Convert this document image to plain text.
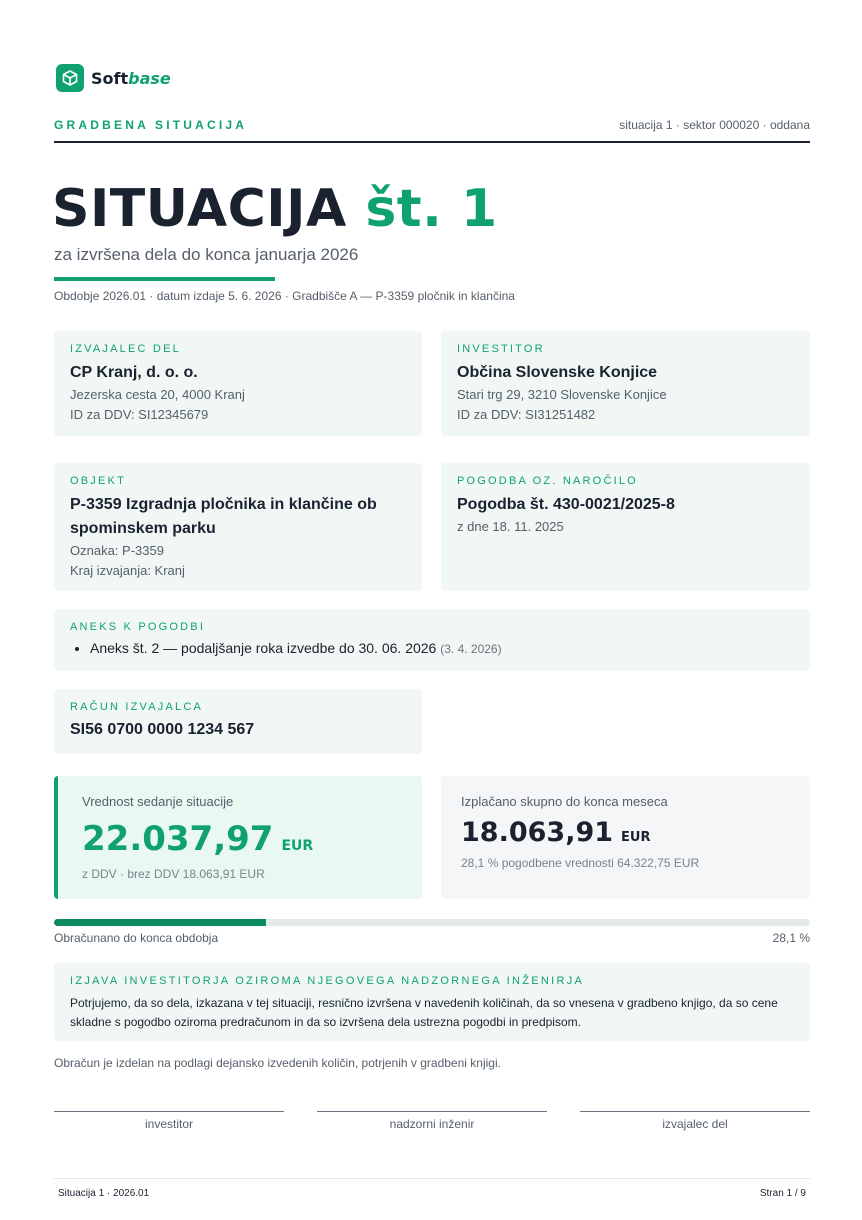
Softbase
GRADBENA SITUACIJA	situacija 1 · sektor 000020 · oddana
SITUACIJA št. 1
za izvršena dela do konca januarja 2026
Obdobje 2026.01 · datum izdaje 5. 6. 2026 · Gradbišče A — P-3359 pločnik in klančina
IZVAJALEC DEL
CP Kranj, d. o. o.
Jezerska cesta 20, 4000 Kranj
ID za DDV: SI12345679
INVESTITOR
Občina Slovenske Konjice
Stari trg 29, 3210 Slovenske Konjice
ID za DDV: SI31251482
OBJEKT
P-3359 Izgradnja pločnika in klančine ob spominskem parku
Oznaka: P-3359
Kraj izvajanja: Kranj
POGODBA OZ. NAROČILO
Pogodba št. 430-0021/2025-8
z dne 18. 11. 2025
ANEKS K POGODBI
• Aneks št. 2 — podaljšanje roka izvedbe do 30. 06. 2026 (3. 4. 2026)
RAČUN IZVAJALCA
SI56 0700 0000 1234 567
Vrednost sedanje situacije
22.037,97 EUR
z DDV · brez DDV 18.063,91 EUR
Izplačano skupno do konca meseca
18.063,91 EUR
28,1 % pogodbene vrednosti 64.322,75 EUR
Obračunano do konca obdobja	28,1 %
IZJAVA INVESTITORJA OZIROMA NJEGOVEGA NADZORNEGA INŽENIRJA
Potrjujemo, da so dela, izkazana v tej situaciji, resnično izvršena v navedenih količinah, da so vnesena v gradbeno knjigo, da so cene skladne s pogodbo oziroma predračunom in da so izvršena dela ustrezna pogodbi in predpisom.
Obračun je izdelan na podlagi dejansko izvedenih količin, potrjenih v gradbeni knjigi.
investitor	nadzorni inženir	izvajalec del
Situacija 1 · 2026.01	Stran 1 / 9
